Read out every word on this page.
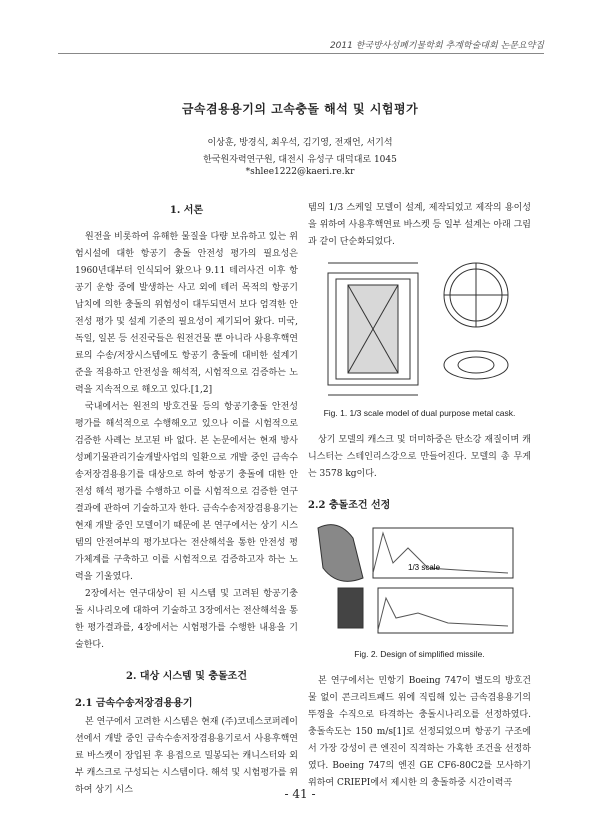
2011 한국방사성폐기물학회 추계학술대회 논문요약집
금속겸용용기의 고속충돌 해석 및 시험평가
이상훈, 방경식, 최우석, 김기영, 전재언, 서기석
한국원자력연구원, 대전시 유성구 대덕대로 1045
*shlee1222@kaeri.re.kr
1. 서론

원전을 비롯하여 유해한 물질을 다량 보유하고 있는 위험시설에 대한 항공기 충돌 안전성 평가의 필요성은 1960년대부터 인식되어 왔으나 9.11 테러사건 이후 항공기 운항 중에 발생하는 사고 외에 테러 목적의 항공기 납치에 의한 충돌의 위험성이 대두되면서 보다 엄격한 안전성 평가 및 설계 기준의 필요성이 제기되어 왔다. 미국, 독일, 일본 등 선진국들은 원전건물 뿐 아니라 사용후핵연료의 수송/저장시스템에도 항공기 충돌에 대비한 설계기준을 적용하고 안전성을 해석적, 시험적으로 검증하는 노력을 지속적으로 해오고 있다.[1,2]

국내에서는 원전의 방호건물 등의 항공기충돌 안전성 평가를 해석적으로 수행해오고 있으나 이를 시험적으로 검증한 사례는 보고된 바 없다. 본 논문에서는 현재 방사성폐기물관리기술개발사업의 일환으로 개발 중인 금속수송저장겸용용기를 대상으로 하여 항공기 충돌에 대한 안전성 해석 평가를 수행하고 이를 시험적으로 검증한 연구결과에 관하여 기술하고자 한다. 금속수송저장겸용용기는 현재 개발 중인 모델이기 때문에 본 연구에서는 상기 시스템의 안전여부의 평가보다는 전산해석을 통한 안전성 평가체계를 구축하고 이를 시험적으로 검증하고자 하는 노력을 기울였다.

2장에서는 연구대상이 된 시스템 및 고려된 항공기충돌 시나리오에 대하여 기술하고 3장에서는 전산해석을 통한 평가결과를, 4장에서는 시험평가를 수행한 내용을 기술한다.

2. 대상 시스템 및 충돌조건
2.1 금속수송저장겸용용기

본 연구에서 고려한 시스템은 현재 (주)코네스코퍼레이션에서 개발 중인 금속수송저장겸용용기로서 사용후핵연료 바스켓이 장입된 후 용접으로 밀봉되는 캐니스터와 외부 캐스크로 구성되는 시스템이다. 해석 및 시험평가를 위하여 상기 시스

템의 1/3 스케일 모델이 설계, 제작되었고 제작의 용이성을 위하여 사용후핵연료 바스켓 등 일부 설계는 아래 그림과 같이 단순화되었다.

Fig. 1. 1/3 scale model of dual purpose metal cask.

상기 모델의 캐스크 및 더미하중은 탄소강 재질이며 캐니스터는 스테인리스강으로 만들어진다. 모델의 총 무게는 3578 kg이다.

2.2 충돌조건 선정
1/3 scale
Fig. 2. Design of simplified missile.

본 연구에서는 민항기 Boeing 747이 별도의 방호건물 없이 콘크리트패드 위에 직립해 있는 금속겸용용기의 뚜껑을 수직으로 타격하는 충돌시나리오를 선정하였다. 충돌속도는 150 m/s[1]로 선정되었으며 항공기 구조에서 가장 강성이 큰 엔진이 직격하는 가혹한 조건을 선정하였다. Boeing 747의 엔진 GE CF6-80C2를 모사하기 위하여 CRIEPI에서 제시한 의 충돌하중 시간이력곡

- 41 -
